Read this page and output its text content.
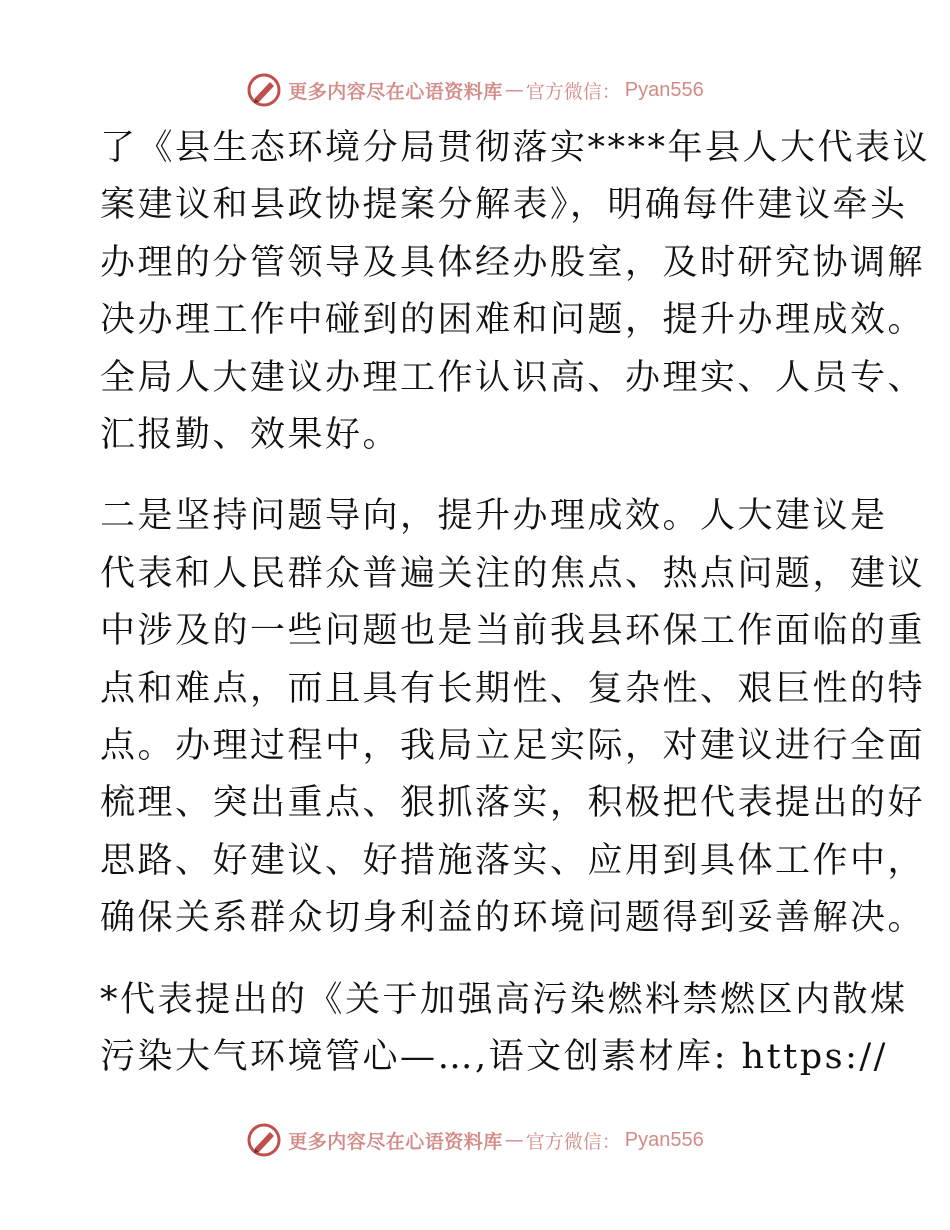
更多内容尽在心语资料库 — 官方微信： Pyan556

了《县生态环境分局贯彻落实****年县人大代表议
案建议和县政协提案分解表》，明确每件建议牵头
办理的分管领导及具体经办股室，及时研究协调解
决办理工作中碰到的困难和问题，提升办理成效。
全局人大建议办理工作认识高、办理实、人员专、
汇报勤、效果好。

二是坚持问题导向，提升办理成效。人大建议是
代表和人民群众普遍关注的焦点、热点问题，建议
中涉及的一些问题也是当前我县环保工作面临的重
点和难点，而且具有长期性、复杂性、艰巨性的特
点。办理过程中，我局立足实际，对建议进行全面
梳理、突出重点、狠抓落实，积极把代表提出的好
思路、好建议、好措施落实、应用到具体工作中，
确保关系群众切身利益的环境问题得到妥善解决。

*代表提出的《关于加强高污染燃料禁燃区内散煤
污染大气环境管心—…,语文创素材库: https://

更多内容尽在心语资料库 — 官方微信： Pyan556
